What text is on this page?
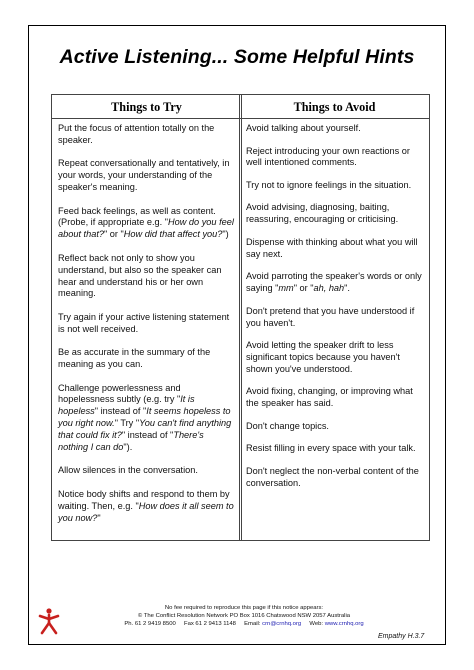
Active Listening... Some Helpful Hints
Things to Try
Put the focus of attention totally on the speaker.
Repeat conversationally and tentatively, in your words, your understanding of the speaker's meaning.
Feed back feelings, as well as content. (Probe, if appropriate e.g. "How do you feel about that?" or "How did that affect you?")
Reflect back not only to show you understand, but also so the speaker can hear and understand his or her own meaning.
Try again if your active listening statement is not well received.
Be as accurate in the summary of the meaning as you can.
Challenge powerlessness and hopelessness subtly (e.g. try "It is hopeless" instead of "It seems hopeless to you right now." Try "You can't find anything that could fix it?" instead of "There's nothing I can do").
Allow silences in the conversation.
Notice body shifts and respond to them by waiting. Then, e.g. "How does it all seem to you now?"
Things to Avoid
Avoid talking about yourself.
Reject introducing your own reactions or well intentioned comments.
Try not to ignore feelings in the situation.
Avoid advising, diagnosing, baiting, reassuring, encouraging or criticising.
Dispense with thinking about what you will say next.
Avoid parroting the speaker's words or only saying "mm" or "ah, hah".
Don't pretend that you have understood if you haven't.
Avoid letting the speaker drift to less significant topics because you haven't shown you've understood.
Avoid fixing, changing, or improving what the speaker has said.
Don't change topics.
Resist filling in every space with your talk.
Don't neglect the non-verbal content of the conversation.
No fee required to reproduce this page if this notice appears:
© The Conflict Resolution Network PO Box 1016 Chatswood NSW 2057 Australia
Ph. 61 2 9419 8500 Fax 61 2 9413 1148 Email: crn@crnhq.org Web: www.crnhq.org
Empathy H.3.7
